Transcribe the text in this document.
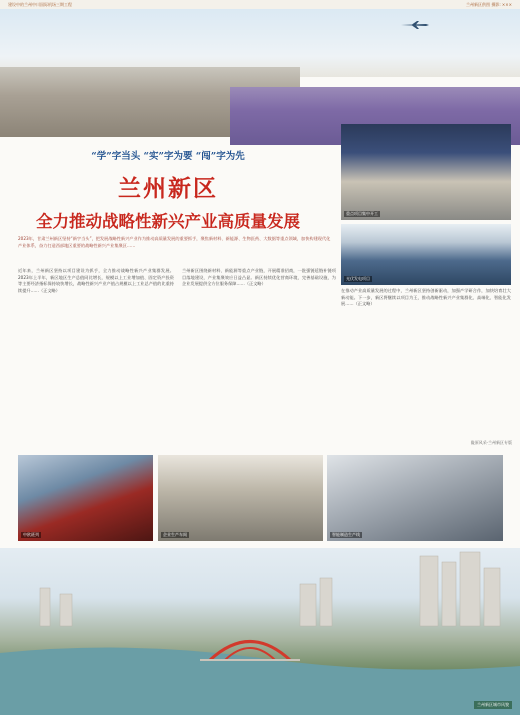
建设中的兰州中川国际机场三期工程	兰州新区供图 摄影: ×××
“学”字当头 “实”字为要 “闯”字为先
兰州新区
全力推动战略性新兴产业高质量发展	重点项目集中开工
光伏发电项目
2023年，甘肃兰州新区坚持“新字当头”，把发展战略性新兴产业作为推动高质量发展的重要抓手，聚焦新材料、新能源、生物医药、大数据等重点领域，加快构建现代化产业体系，奋力打造西部地区重要的战略性新兴产业集聚区……
近年来，兰州新区坚持以项目建设为抓手，全力推动战略性新兴产业集群发展。2023年上半年，新区地区生产总值同比增长，规模以上工业增加值、固定资产投资等主要经济指标保持较快增长，战略性新兴产业产值占规模以上工业总产值的比重持续提升……（正文略）
兰州新区围绕新材料、新能源等重点产业链，开展精准招商，一批强链延链补链项目落地建设，产业集聚效应日益凸显。新区持续优化营商环境，完善基础设施，为企业发展提供全方位服务保障……（正文略）
在推动产业高质量发展的过程中，兰州新区坚持创新驱动，加强产学研合作，加快培育壮大新动能。下一步，新区将继续以项目为王，推动战略性新兴产业集群化、高端化、智能化发展……（正文略）
陇原风采·兰州新区专版
中欧班列	企业生产车间	智能制造生产线
兰州新区城市风貌
